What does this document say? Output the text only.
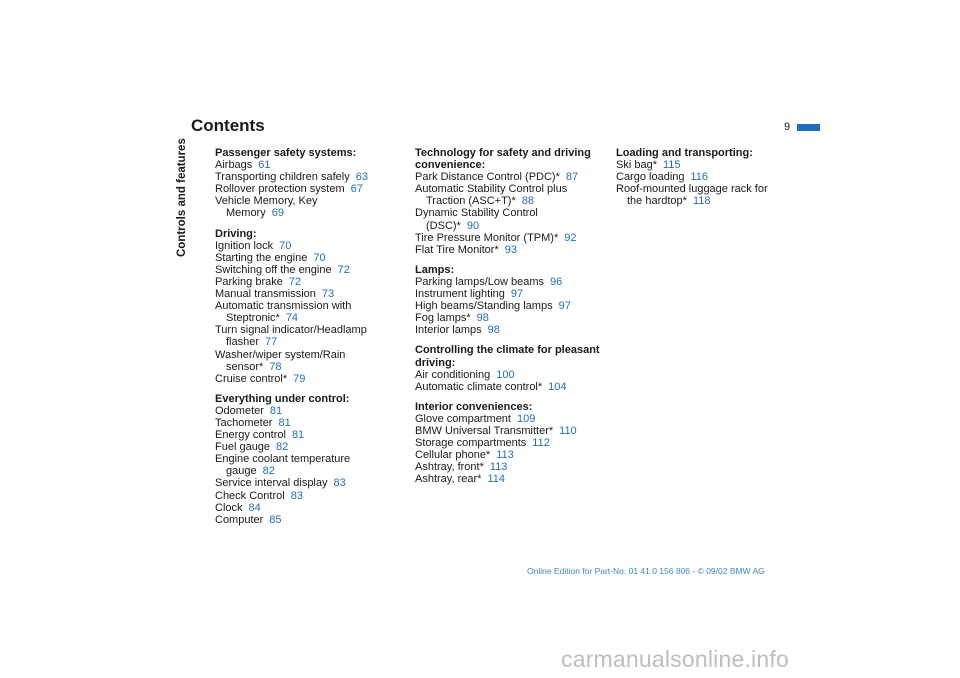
Contents	9
Controls and features Passenger safety systems:
Airbags 61
Transporting children safely 63
Rollover protection system 67
Vehicle Memory, Key
Memory 69
Driving:
Ignition lock 70
Starting the engine 70
Switching off the engine 72
Parking brake 72
Manual transmission 73
Automatic transmission with
Steptronic* 74
Turn signal indicator/Headlamp
flasher 77
Washer/wiper system/Rain
sensor* 78
Cruise control* 79
Everything under control:
Odometer 81
Tachometer 81
Energy control 81
Fuel gauge 82
Engine coolant temperature
gauge 82
Service interval display 83
Check Control 83
Clock 84
Computer 85
Technology for safety and driving convenience:
Park Distance Control (PDC)* 87
Automatic Stability Control plus
Traction (ASC+T)* 88
Dynamic Stability Control
(DSC)* 90
Tire Pressure Monitor (TPM)* 92
Flat Tire Monitor* 93
Lamps:
Parking lamps/Low beams 96
Instrument lighting 97
High beams/Standing lamps 97
Fog lamps* 98
Interior lamps 98
Controlling the climate for pleasant driving:
Air conditioning 100
Automatic climate control* 104
Interior conveniences:
Glove compartment 109
BMW Universal Transmitter* 110
Storage compartments 112
Cellular phone* 113
Ashtray, front* 113
Ashtray, rear* 114
Loading and transporting:
Ski bag* 115
Cargo loading 116
Roof-mounted luggage rack for
the hardtop* 118
Online Edition for Part-No. 01 41 0 156 806 - © 09/02 BMW AG
carmanualsonline.info
